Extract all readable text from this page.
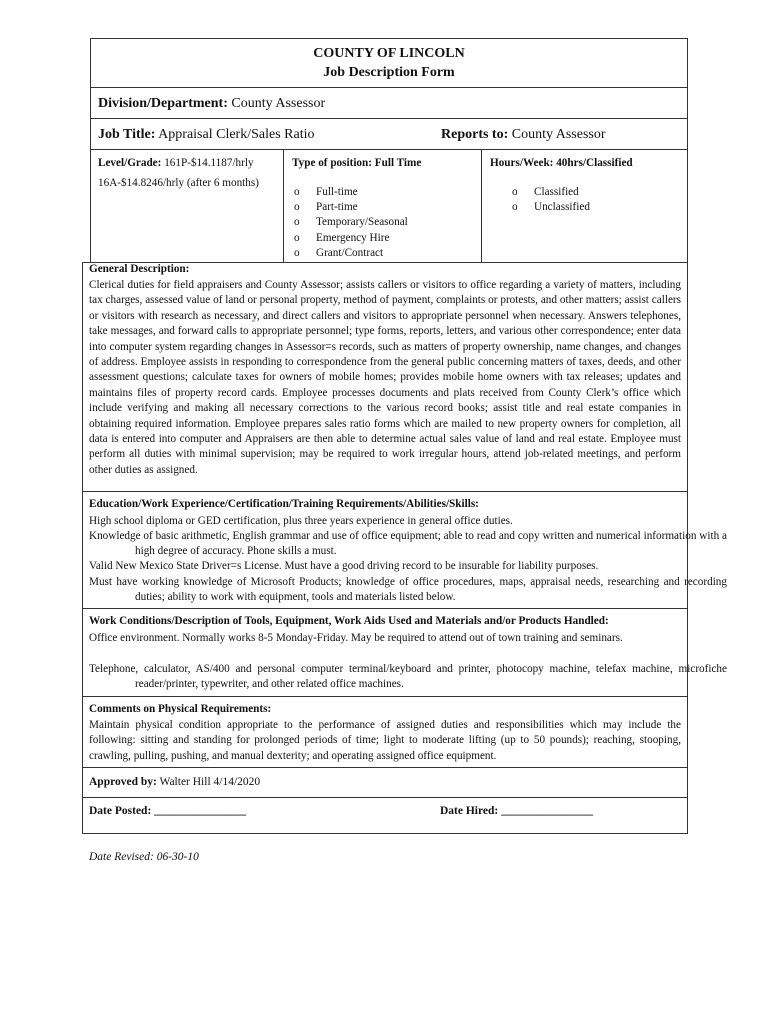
COUNTY OF LINCOLN
Job Description Form
Division/Department: County Assessor
Job Title: Appraisal Clerk/Sales Ratio	Reports to: County Assessor
Level/Grade: 161P-$14.1187/hrly
16A-$14.8246/hrly (after 6 months)
Type of position: Full Time
o Full-time
o Part-time
o Temporary/Seasonal
o Emergency Hire
o Grant/Contract
Hours/Week: 40hrs/Classified
o Classified
o Unclassified
General Description:
Clerical duties for field appraisers and County Assessor; assists callers or visitors to office regarding a variety of matters, including tax charges, assessed value of land or personal property, method of payment, complaints or protests, and other matters; assist callers or visitors with research as necessary, and direct callers and visitors to appropriate personnel when necessary. Answers telephones, take messages, and forward calls to appropriate personnel; type forms, reports, letters, and various other correspondence; enter data into computer system regarding changes in Assessor=s records, such as matters of property ownership, name changes, and changes of address. Employee assists in responding to correspondence from the general public concerning matters of taxes, deeds, and other assessment questions; calculate taxes for owners of mobile homes; provides mobile home owners with tax releases; updates and maintains files of property record cards. Employee processes documents and plats received from County Clerk’s office which include verifying and making all necessary corrections to the various record books; assist title and real estate companies in obtaining required information. Employee prepares sales ratio forms which are mailed to new property owners for completion, all data is entered into computer and Appraisers are then able to determine actual sales value of land and real estate. Employee must perform all duties with minimal supervision; may be required to work irregular hours, attend job-related meetings, and perform other duties as assigned.
Education/Work Experience/Certification/Training Requirements/Abilities/Skills:
High school diploma or GED certification, plus three years experience in general office duties.
Knowledge of basic arithmetic, English grammar and use of office equipment; able to read and copy written and numerical information with a high degree of accuracy. Phone skills a must.
Valid New Mexico State Driver=s License. Must have a good driving record to be insurable for liability purposes.
Must have working knowledge of Microsoft Products; knowledge of office procedures, maps, appraisal needs, researching and recording duties; ability to work with equipment, tools and materials listed below.
Work Conditions/Description of Tools, Equipment, Work Aids Used and Materials and/or Products Handled:
Office environment. Normally works 8-5 Monday-Friday. May be required to attend out of town training and seminars.
Telephone, calculator, AS/400 and personal computer terminal/keyboard and printer, photocopy machine, telefax machine, microfiche reader/printer, typewriter, and other related office machines.
Comments on Physical Requirements:
Maintain physical condition appropriate to the performance of assigned duties and responsibilities which may include the following: sitting and standing for prolonged periods of time; light to moderate lifting (up to 50 pounds); reaching, stooping, crawling, pulling, pushing, and manual dexterity; and operating assigned office equipment.
Approved by: Walter Hill 4/14/2020
Date Posted: ________________	Date Hired: ________________
Date Revised: 06-30-10
